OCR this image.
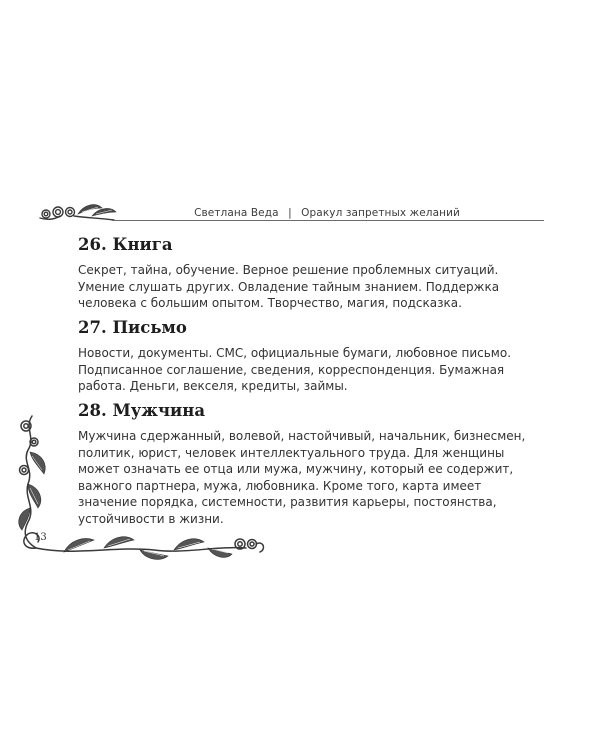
Светлана Веда | Оракул запретных желаний
26. Книга

Секрет, тайна, обучение. Верное решение проблемных ситуаций. Умение слушать других. Овладение тайным знанием. Поддержка человека с большим опытом. Творчество, магия, подсказка.

27. Письмо

Новости, документы. СМС, официальные бумаги, любовное письмо. Подписанное соглашение, сведения, корреспонденция. Бумажная работа. Деньги, векселя, кредиты, займы.

28. Мужчина

Мужчина сдержанный, волевой, настойчивый, начальник, бизнесмен, политик, юрист, человек интеллектуального труда. Для женщины может означать ее отца или мужа, мужчину, который ее содержит, важного партнера, мужа, любовника. Кроме того, карта имеет значение порядка, системности, развития карьеры, постоянства, устойчивости в жизни.

13
